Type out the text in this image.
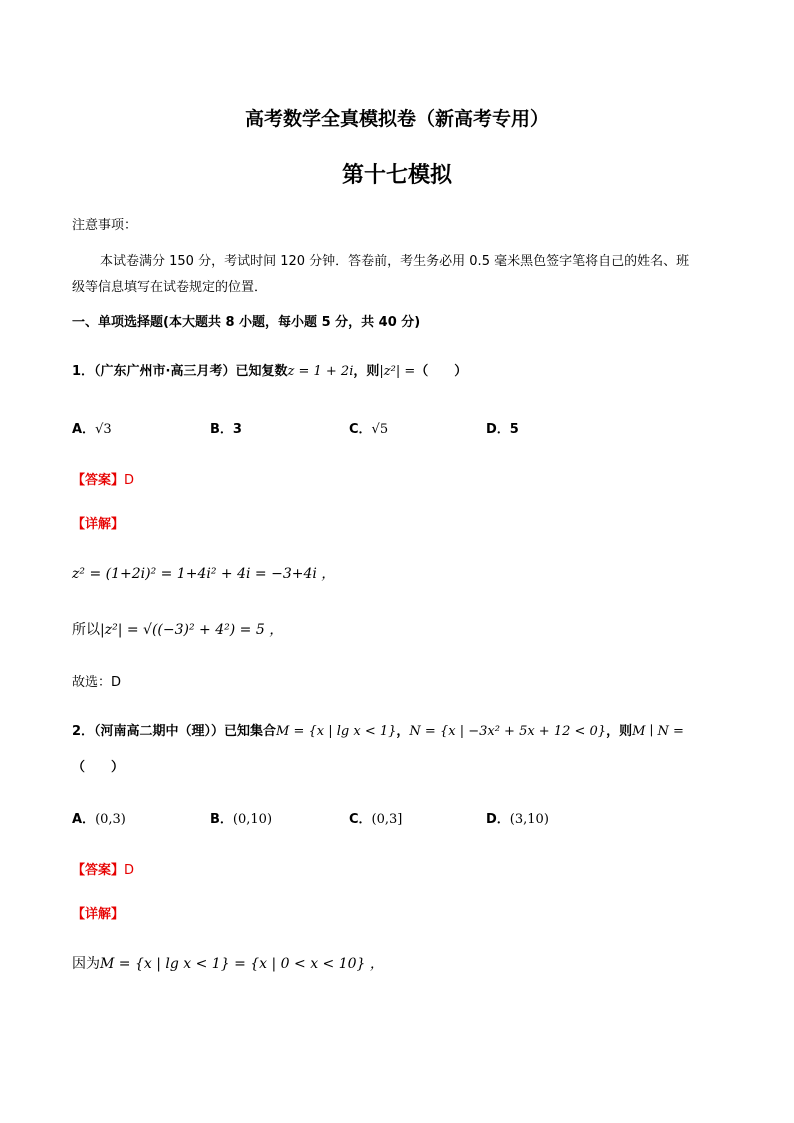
高考数学全真模拟卷（新高考专用）
第十七模拟
注意事项：
本试卷满分 150 分，考试时间 120 分钟．答卷前，考生务必用 0.5 毫米黑色签字笔将自己的姓名、班
级等信息填写在试卷规定的位置．
一、单项选择题(本大题共 8 小题，每小题 5 分，共 40 分)
1．（广东广州市·高三月考）已知复数z = 1 + 2i，则|z²| =（　　）
A．√3	B．3	C．√5	D．5
【答案】D
【详解】
z² = (1+2i)² = 1+4i² + 4i = −3+4i ，
所以|z²| = √((−3)² + 4²) = 5 ，
故选：D
2．（河南高二期中（理））已知集合M = {x | lg x < 1}，N = {x | −3x² + 5x + 12 < 0}，则M ∣ N =
（　　）
A．(0,3)	B．(0,10)	C．(0,3]	D．(3,10)
【答案】D
【详解】
因为M = {x | lg x < 1} = {x | 0 < x < 10} ，
